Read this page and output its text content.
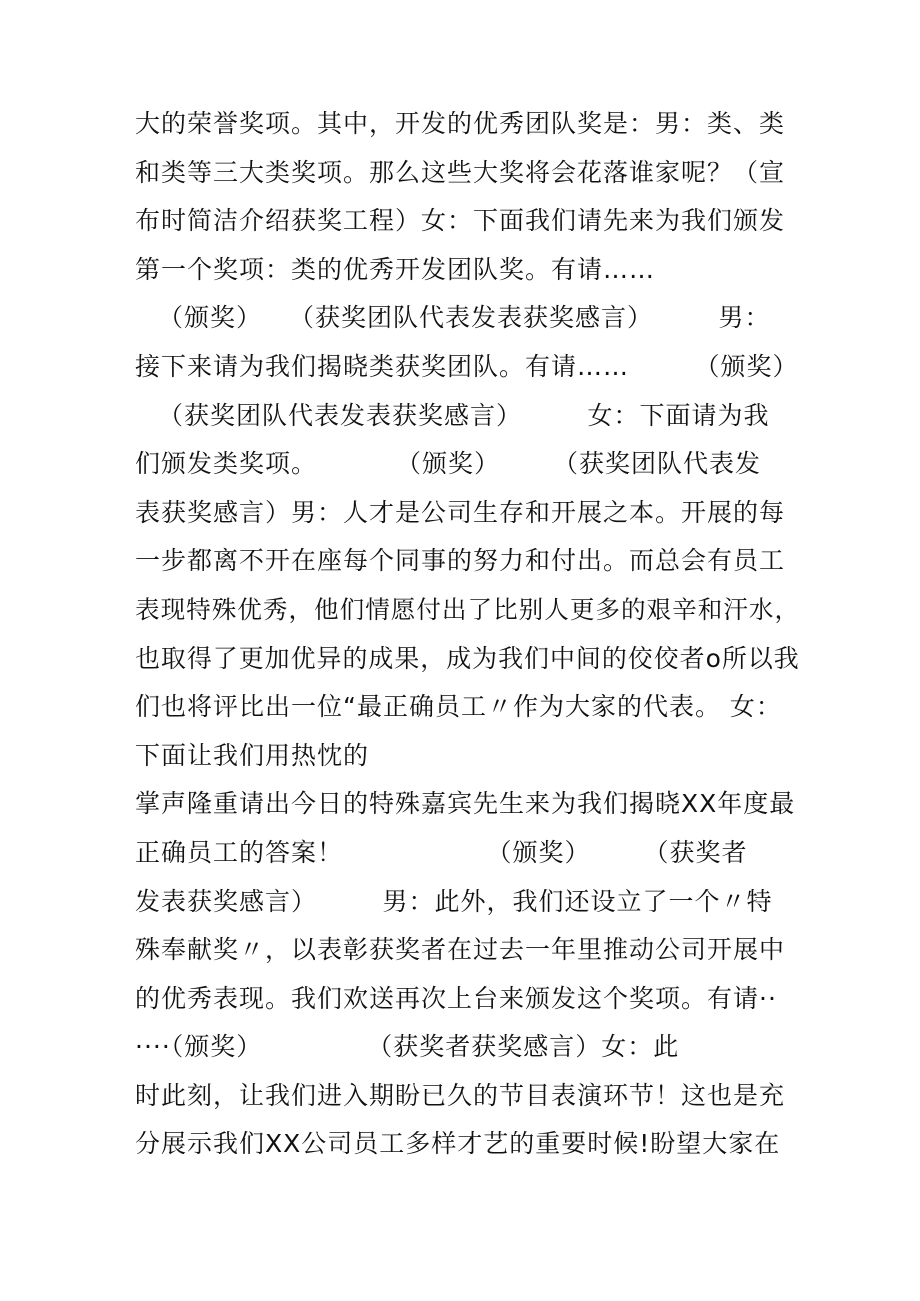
大的荣誉奖项。其中，开发的优秀团队奖是：男：类、类
和类等三大类奖项。那么这些大奖将会花落谁家呢？（宣
布时简洁介绍获奖工程）女：下面我们请先来为我们颁发
第一个奖项：类的优秀开发团队奖。有请……
（颁奖）　　（获奖团队代表发表获奖感言）　　　男：
接下来请为我们揭晓类获奖团队。有请……　　　（颁奖）
（获奖团队代表发表获奖感言）　　　女：下面请为我
们颁发类奖项。　　　　（颁奖）　　　（获奖团队代表发
表获奖感言）男：人才是公司生存和开展之本。开展的每
一步都离不开在座每个同事的努力和付出。而总会有员工
表现特殊优秀，他们情愿付出了比别人更多的艰辛和汗水，
也取得了更加优异的成果，成为我们中间的佼佼者o所以我
们也将评比出一位“最正确员工〃作为大家的代表。 女：
下面让我们用热忱的
掌声隆重请出今日的特殊嘉宾先生来为我们揭晓XX年度最
正确员工的答案！　　　　　　（颁奖）　　　（获奖者
发表获奖感言）　　　男：此外，我们还设立了一个〃特
殊奉献奖〃，以表彰获奖者在过去一年里推动公司开展中
的优秀表现。我们欢送再次上台来颁发这个奖项。有请··
····（颁奖）　　　　　（获奖者获奖感言）女：此
时此刻，让我们进入期盼已久的节目表演环节！这也是充
分展示我们XX公司员工多样才艺的重要时候!盼望大家在
